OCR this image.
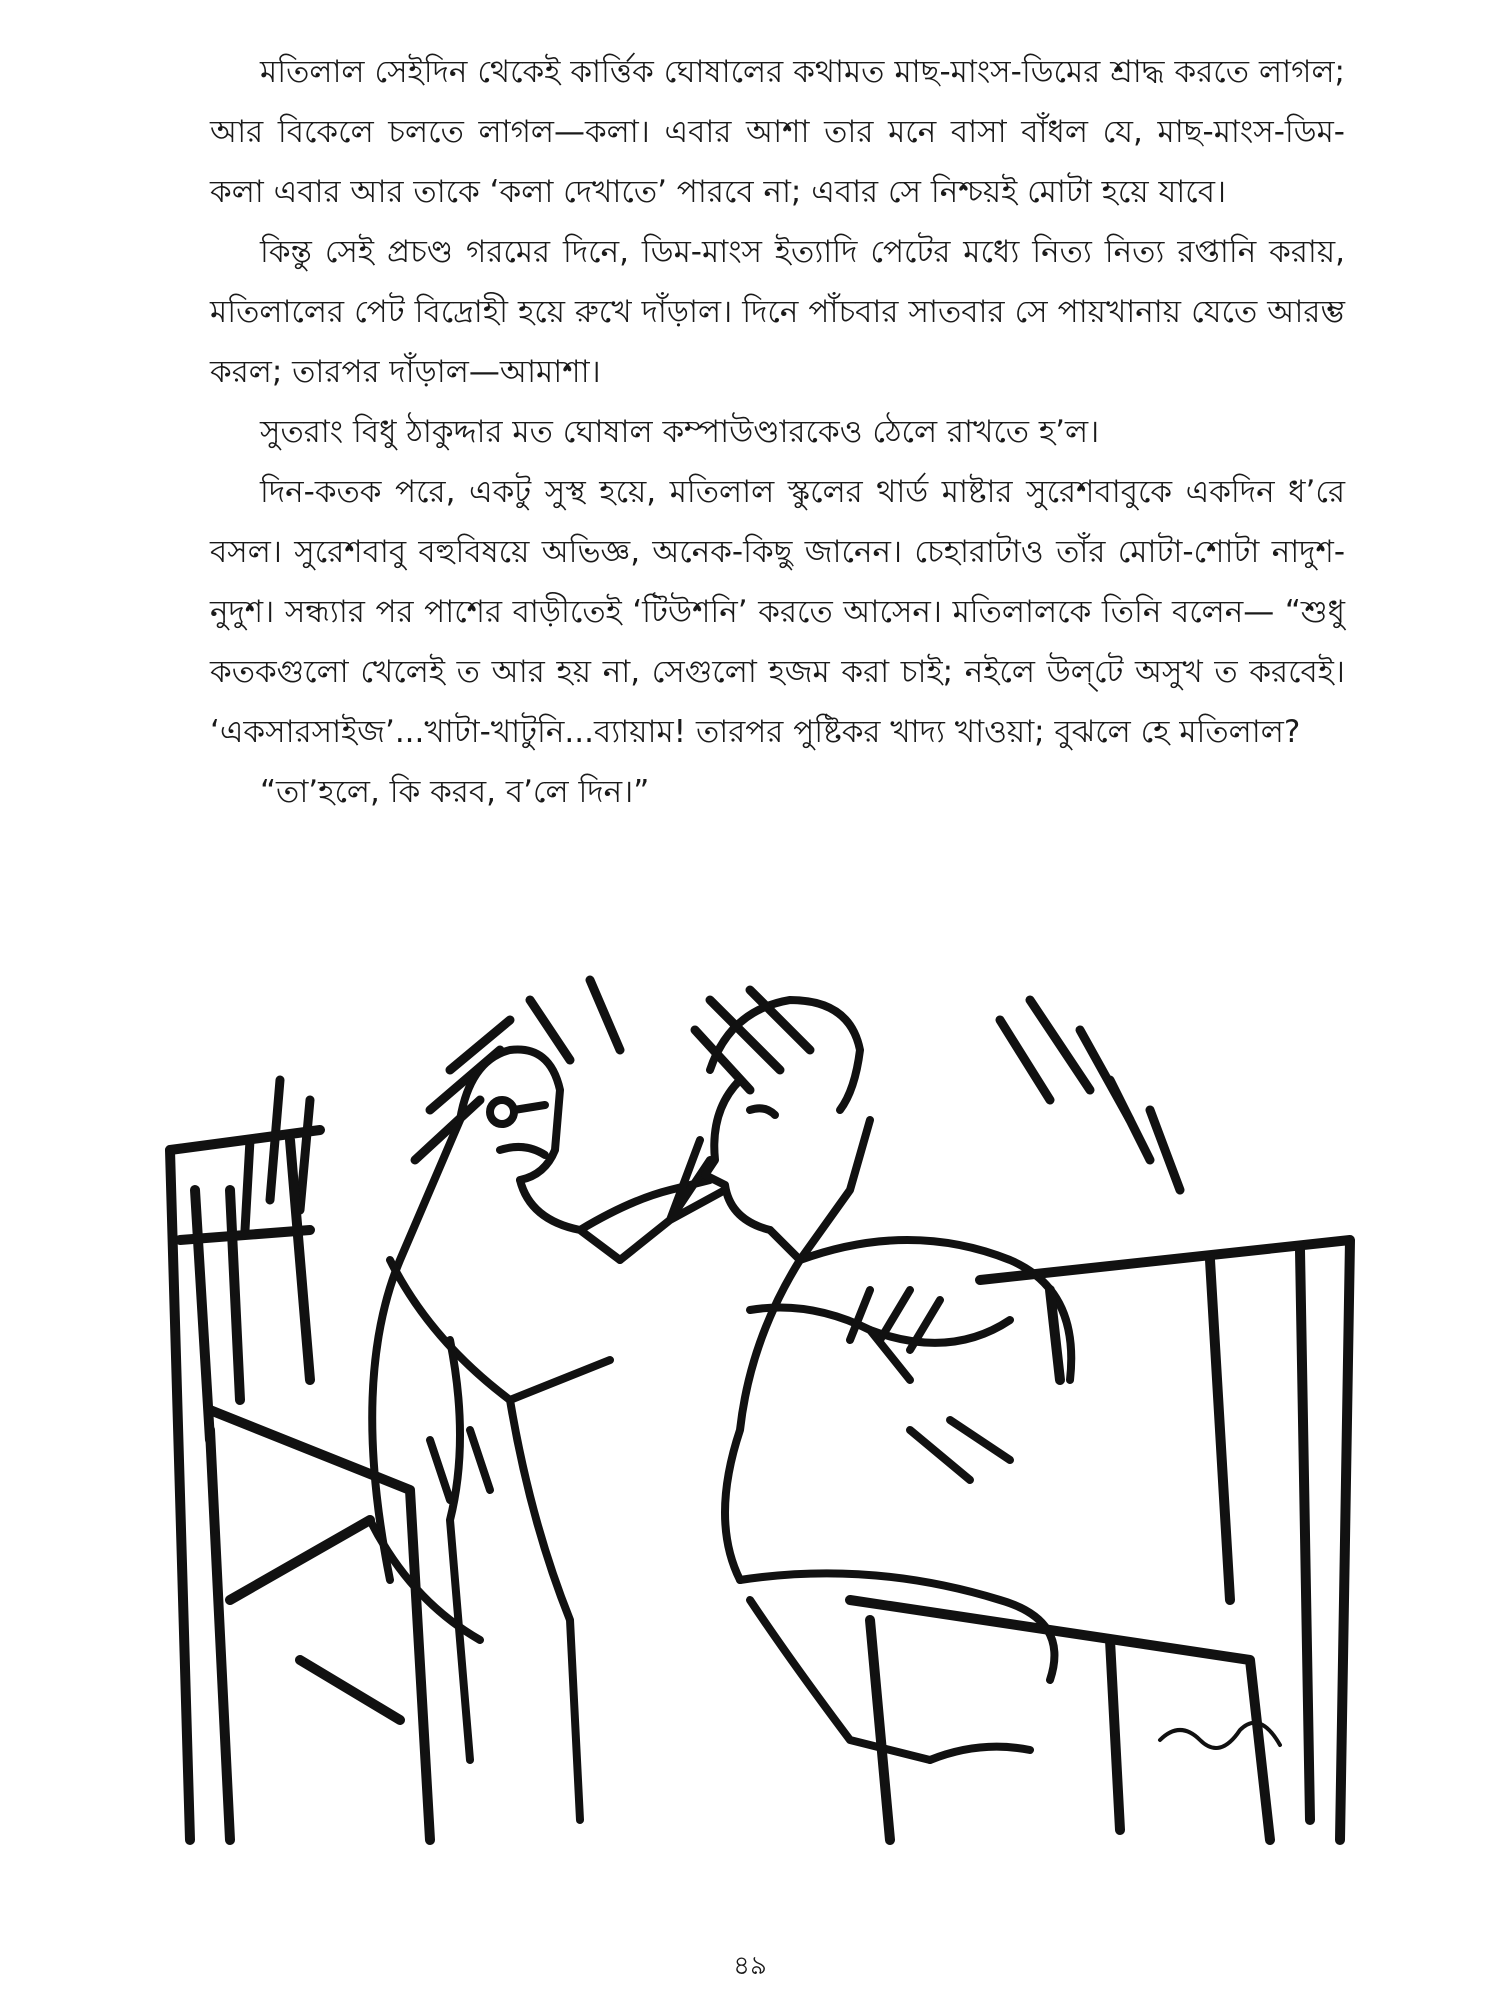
মতিলাল সেইদিন থেকেই কার্ত্তিক ঘোষালের কথামত মাছ-মাংস-ডিমের শ্রাদ্ধ করতে লাগল; আর বিকেলে চলতে লাগল—কলা। এবার আশা তার মনে বাসা বাঁধল যে, মাছ-মাংস-ডিম-কলা এবার আর তাকে ‘কলা দেখাতে’ পারবে না; এবার সে নিশ্চয়ই মোটা হয়ে যাবে।

কিন্তু সেই প্রচণ্ড গরমের দিনে, ডিম-মাংস ইত্যাদি পেটের মধ্যে নিত্য নিত্য রপ্তানি করায়, মতিলালের পেট বিদ্রোহী হয়ে রুখে দাঁড়াল। দিনে পাঁচবার সাতবার সে পায়খানায় যেতে আরম্ভ করল; তারপর দাঁড়াল—আমাশা।

সুতরাং বিধু ঠাকুদ্দার মত ঘোষাল কম্পাউণ্ডারকেও ঠেলে রাখতে হ’ল।

দিন-কতক পরে, একটু সুস্থ হয়ে, মতিলাল স্কুলের থার্ড মাষ্টার সুরেশবাবুকে একদিন ধ’রে বসল। সুরেশবাবু বহুবিষয়ে অভিজ্ঞ, অনেক-কিছু জানেন। চেহারাটাও তাঁর মোটা-শোটা নাদুশ-নুদুশ। সন্ধ্যার পর পাশের বাড়ীতেই ‘টিউশনি’ করতে আসেন। মতিলালকে তিনি বলেন— “শুধু কতকগুলো খেলেই ত আর হয় না, সেগুলো হজম করা চাই; নইলে উল্‌টে অসুখ ত করবেই। ‘একসারসাইজ’...খাটা-খাটুনি...ব্যায়াম! তারপর পুষ্টিকর খাদ্য খাওয়া; বুঝলে হে মতিলাল?

“তা’হলে, কি করব, ব’লে দিন।”

৪৯
